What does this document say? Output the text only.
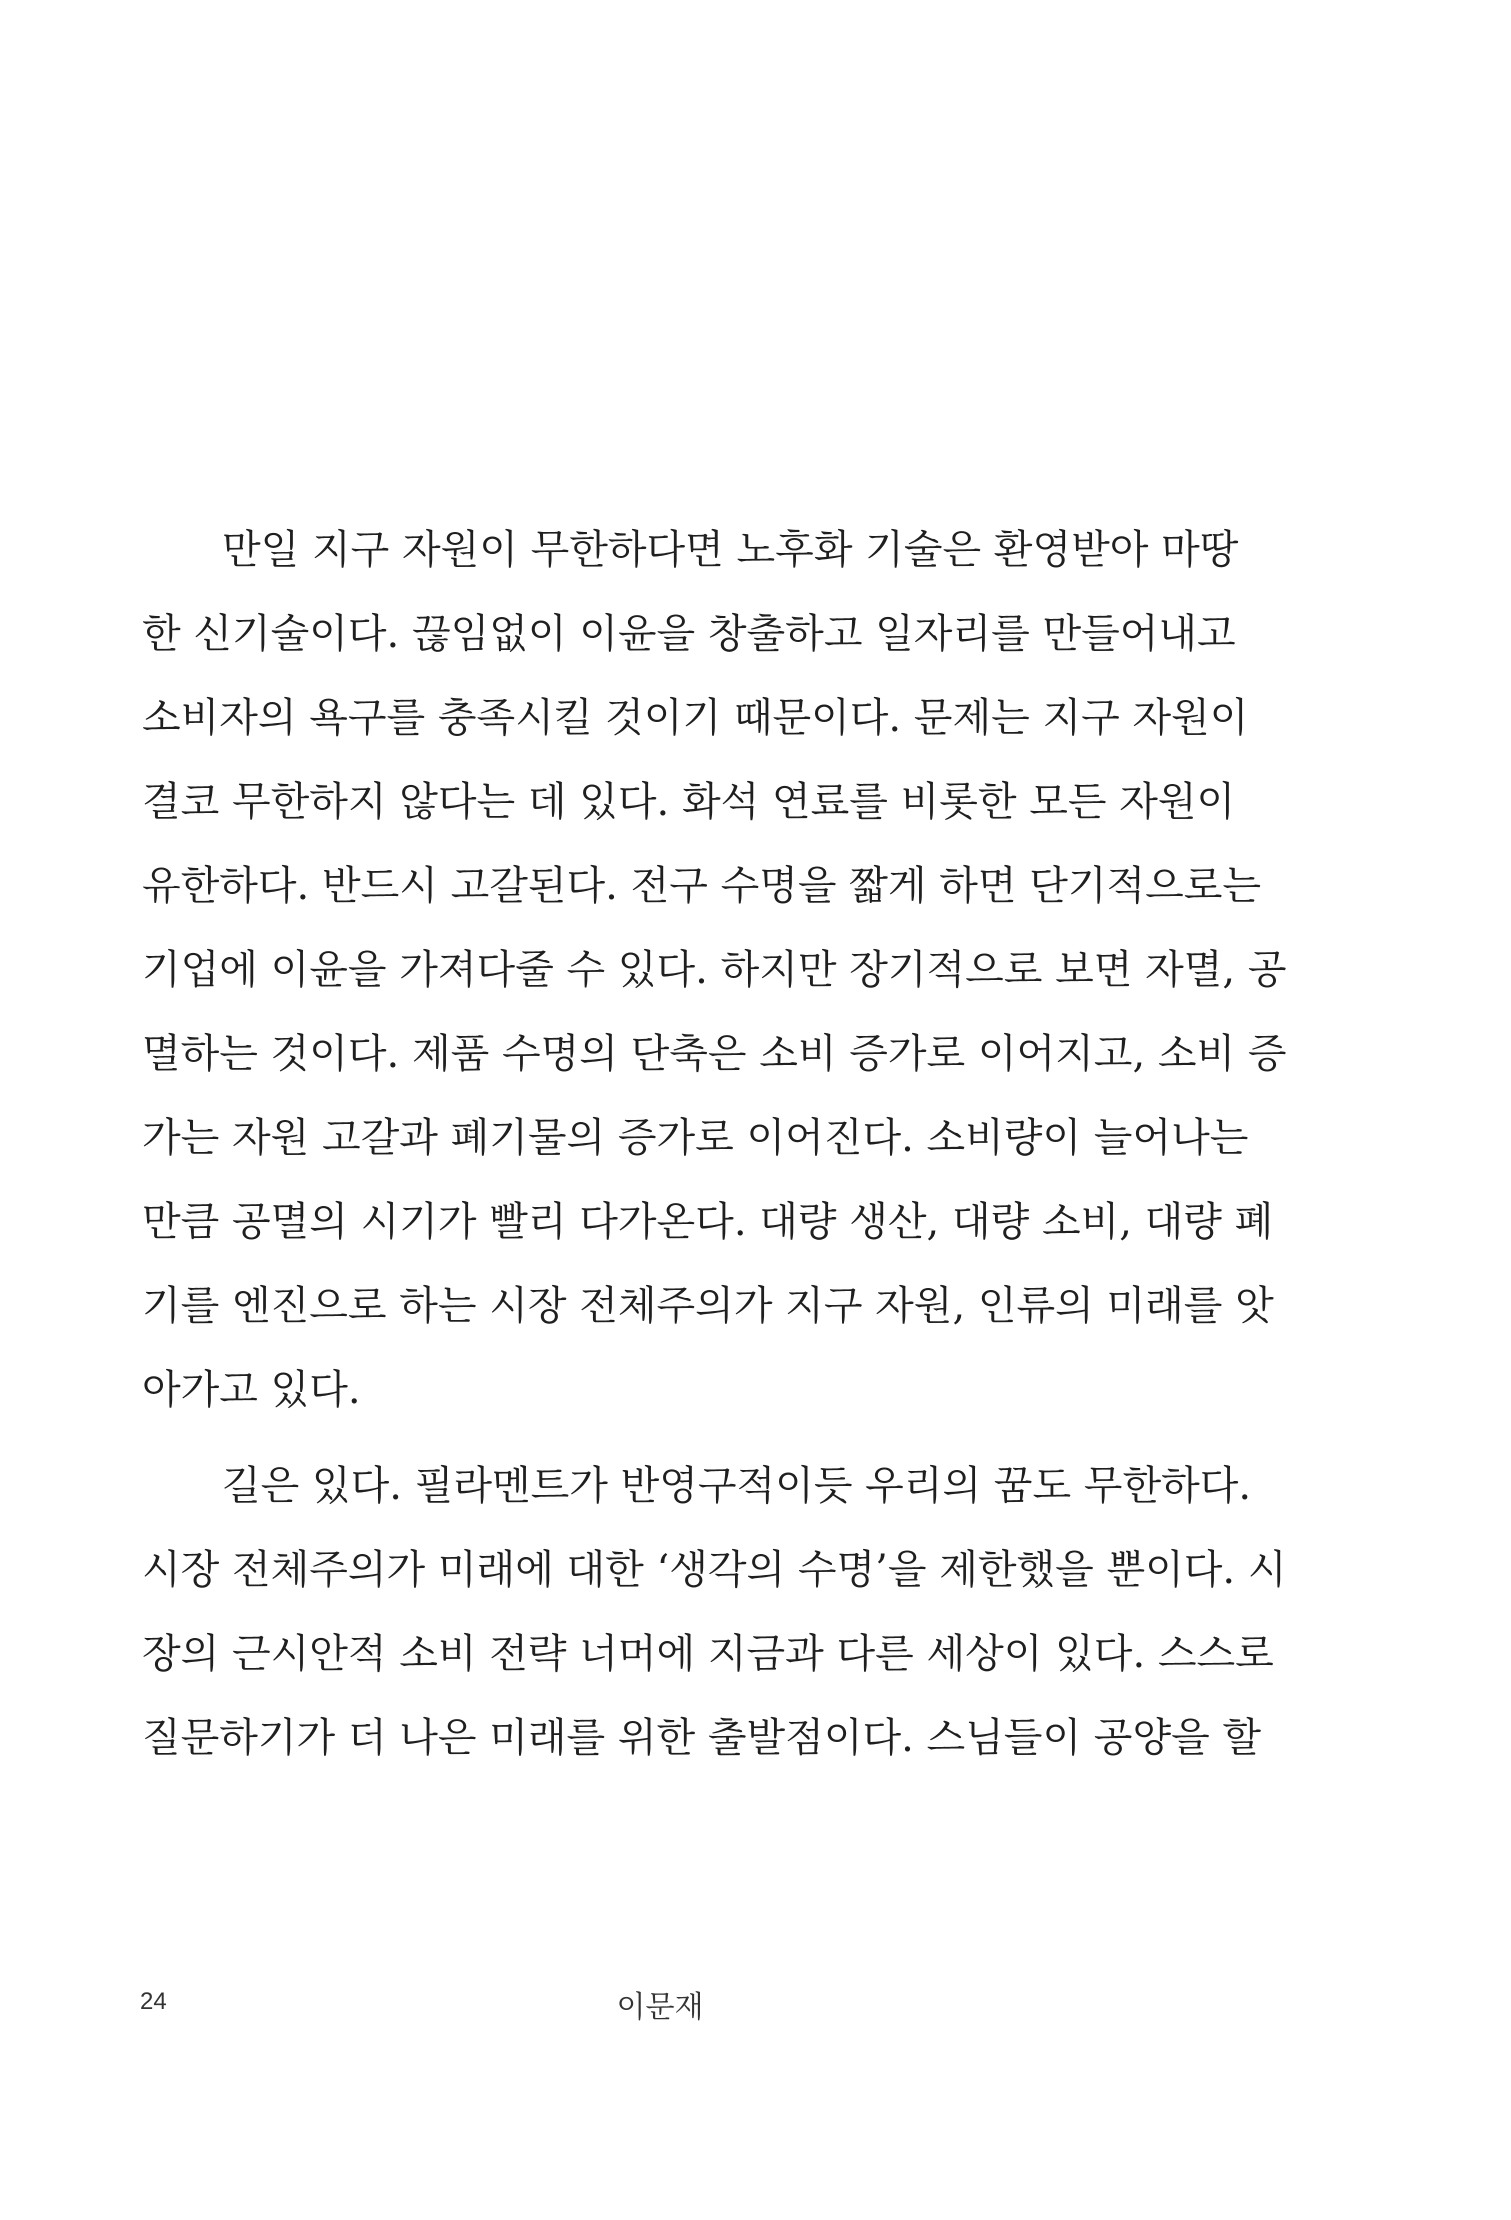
만일 지구 자원이 무한하다면 노후화 기술은 환영받아 마땅
한 신기술이다. 끊임없이 이윤을 창출하고 일자리를 만들어내고
소비자의 욕구를 충족시킬 것이기 때문이다. 문제는 지구 자원이
결코 무한하지 않다는 데 있다. 화석 연료를 비롯한 모든 자원이
유한하다. 반드시 고갈된다. 전구 수명을 짧게 하면 단기적으로는
기업에 이윤을 가져다줄 수 있다. 하지만 장기적으로 보면 자멸, 공
멸하는 것이다. 제품 수명의 단축은 소비 증가로 이어지고, 소비 증
가는 자원 고갈과 폐기물의 증가로 이어진다. 소비량이 늘어나는
만큼 공멸의 시기가 빨리 다가온다. 대량 생산, 대량 소비, 대량 폐
기를 엔진으로 하는 시장 전체주의가 지구 자원, 인류의 미래를 앗
아가고 있다.
길은 있다. 필라멘트가 반영구적이듯 우리의 꿈도 무한하다.
시장 전체주의가 미래에 대한 ‘생각의 수명’을 제한했을 뿐이다. 시
장의 근시안적 소비 전략 너머에 지금과 다른 세상이 있다. 스스로
질문하기가 더 나은 미래를 위한 출발점이다. 스님들이 공양을 할
24	이문재
